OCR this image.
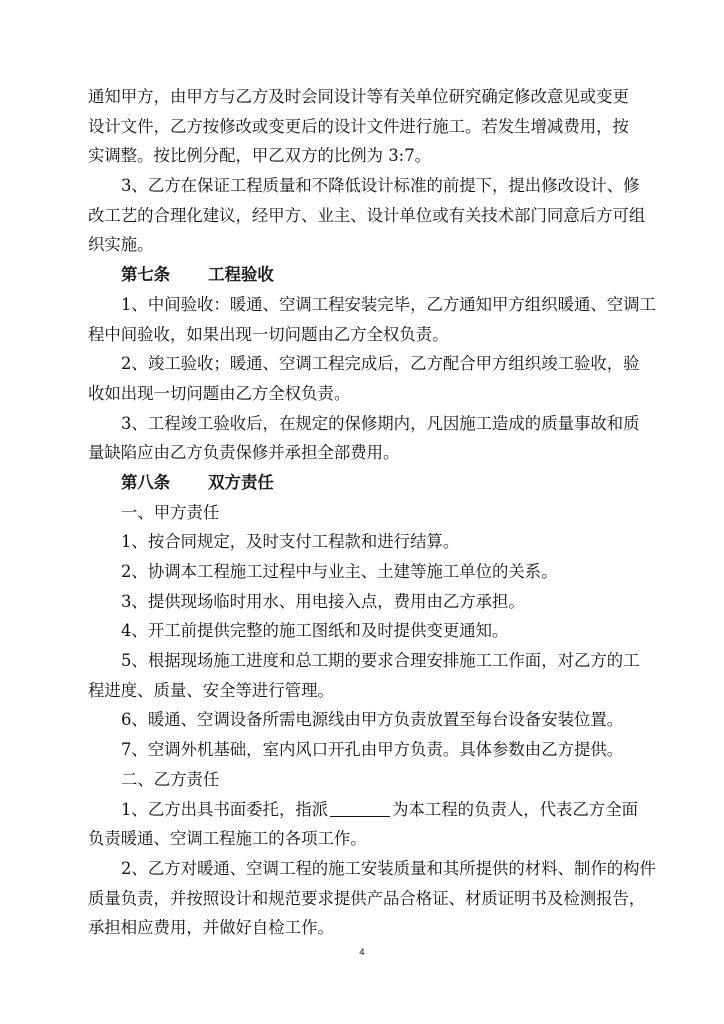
通知甲方，由甲方与乙方及时会同设计等有关单位研究确定修改意见或变更
设计文件，乙方按修改或变更后的设计文件进行施工。若发生增减费用，按
实调整。按比例分配，甲乙双方的比例为 3:7。
3、乙方在保证工程质量和不降低设计标准的前提下，提出修改设计、修
改工艺的合理化建议，经甲方、业主、设计单位或有关技术部门同意后方可组
织实施。
第七条 工程验收
1、中间验收：暖通、空调工程安装完毕，乙方通知甲方组织暖通、空调工
程中间验收，如果出现一切问题由乙方全权负责。
2、竣工验收；暖通、空调工程完成后，乙方配合甲方组织竣工验收，验
收如出现一切问题由乙方全权负责。
3、工程竣工验收后，在规定的保修期内，凡因施工造成的质量事故和质
量缺陷应由乙方负责保修并承担全部费用。
第八条 双方责任
一、甲方责任
1、按合同规定，及时支付工程款和进行结算。
2、协调本工程施工过程中与业主、土建等施工单位的关系。
3、提供现场临时用水、用电接入点，费用由乙方承担。
4、开工前提供完整的施工图纸和及时提供变更通知。
5、根据现场施工进度和总工期的要求合理安排施工工作面，对乙方的工
程进度、质量、安全等进行管理。
6、暖通、空调设备所需电源线由甲方负责放置至每台设备安装位置。
7、空调外机基础，室内风口开孔由甲方负责。具体参数由乙方提供。
二、乙方责任
1、乙方出具书面委托，指派	为本工程的负责人，代表乙方全面
负责暖通、空调工程施工的各项工作。
2、乙方对暖通、空调工程的施工安装质量和其所提供的材料、制作的构件
质量负责，并按照设计和规范要求提供产品合格证、材质证明书及检测报告，
承担相应费用，并做好自检工作。
4
